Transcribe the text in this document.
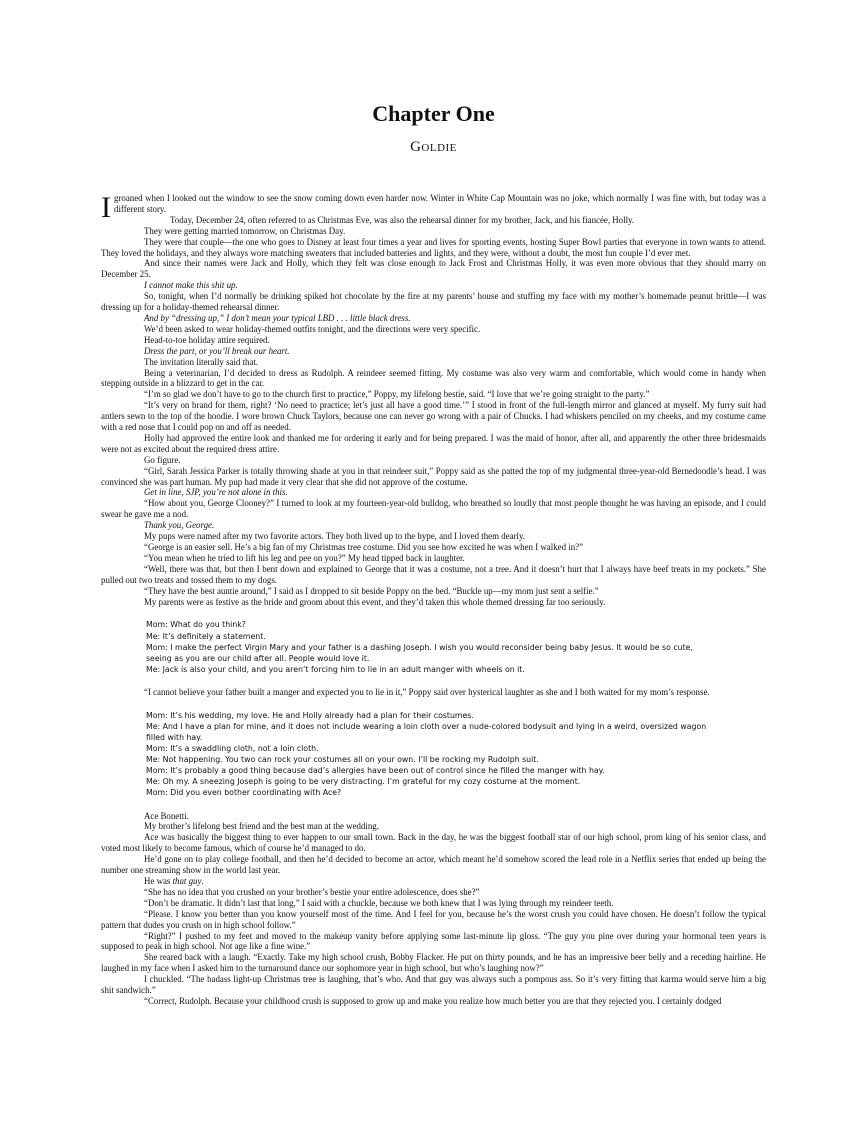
Chapter One
Goldie

I groaned when I looked out the window to see the snow coming down even harder now. Winter in White Cap Mountain was no joke, which normally I was fine with, but today was a different story.

Today, December 24, often referred to as Christmas Eve, was also the rehearsal dinner for my brother, Jack, and his fiancée, Holly.

They were getting married tomorrow, on Christmas Day.

They were that couple—the one who goes to Disney at least four times a year and lives for sporting events, hosting Super Bowl parties that everyone in town wants to attend. They loved the holidays, and they always wore matching sweaters that included batteries and lights, and they were, without a doubt, the most fun couple I’d ever met.

And since their names were Jack and Holly, which they felt was close enough to Jack Frost and Christmas Holly, it was even more obvious that they should marry on December 25.

I cannot make this shit up.

So, tonight, when I’d normally be drinking spiked hot chocolate by the fire at my parents’ house and stuffing my face with my mother’s homemade peanut brittle—I was dressing up for a holiday-themed rehearsal dinner.

And by “dressing up,” I don’t mean your typical LBD . . . little black dress.

We’d been asked to wear holiday-themed outfits tonight, and the directions were very specific.

Head-to-toe holiday attire required.

Dress the part, or you’ll break our heart.

The invitation literally said that.

Being a veterinarian, I’d decided to dress as Rudolph. A reindeer seemed fitting. My costume was also very warm and comfortable, which would come in handy when stepping outside in a blizzard to get in the car.

“I’m so glad we don’t have to go to the church first to practice,” Poppy, my lifelong bestie, said. “I love that we’re going straight to the party.”

“It’s very on brand for them, right? ‘No need to practice; let’s just all have a good time.’” I stood in front of the full-length mirror and glanced at myself. My furry suit had antlers sewn to the top of the hoodie. I wore brown Chuck Taylors, because one can never go wrong with a pair of Chucks. I had whiskers penciled on my cheeks, and my costume came with a red nose that I could pop on and off as needed.

Holly had approved the entire look and thanked me for ordering it early and for being prepared. I was the maid of honor, after all, and apparently the other three bridesmaids were not as excited about the required dress attire.

Go figure.

“Girl, Sarah Jessica Parker is totally throwing shade at you in that reindeer suit,” Poppy said as she patted the top of my judgmental three-year-old Bernedoodle’s head. I was convinced she was part human. My pup had made it very clear that she did not approve of the costume.

Get in line, SJP, you’re not alone in this.

“How about you, George Clooney?” I turned to look at my fourteen-year-old bulldog, who breathed so loudly that most people thought he was having an episode, and I could swear he gave me a nod.

Thank you, George.

My pups were named after my two favorite actors. They both lived up to the hype, and I loved them dearly.

“George is an easier sell. He’s a big fan of my Christmas tree costume. Did you see how excited he was when I walked in?”

“You mean when he tried to lift his leg and pee on you?” My head tipped back in laughter.

“Well, there was that, but then I bent down and explained to George that it was a costume, not a tree. And it doesn’t hurt that I always have beef treats in my pockets.” She pulled out two treats and tossed them to my dogs.

“They have the best auntie around,” I said as I dropped to sit beside Poppy on the bed. “Buckle up—my mom just sent a selfie.”

My parents were as festive as the bride and groom about this event, and they’d taken this whole themed dressing far too seriously.

Mom: What do you think?
Me: It’s definitely a statement.
Mom: I make the perfect Virgin Mary and your father is a dashing Joseph. I wish you would reconsider being baby Jesus. It would be so cute,
seeing as you are our child after all. People would love it.
Me: Jack is also your child, and you aren’t forcing him to lie in an adult manger with wheels on it.

“I cannot believe your father built a manger and expected you to lie in it,” Poppy said over hysterical laughter as she and I both waited for my mom’s response.

Mom: It’s his wedding, my love. He and Holly already had a plan for their costumes.
Me: And I have a plan for mine, and it does not include wearing a loin cloth over a nude-colored bodysuit and lying in a weird, oversized wagon
filled with hay.
Mom: It’s a swaddling cloth, not a loin cloth.
Me: Not happening. You two can rock your costumes all on your own. I’ll be rocking my Rudolph suit.
Mom: It’s probably a good thing because dad’s allergies have been out of control since he filled the manger with hay.
Me: Oh my. A sneezing Joseph is going to be very distracting. I’m grateful for my cozy costume at the moment.
Mom: Did you even bother coordinating with Ace?

Ace Bonetti.

My brother’s lifelong best friend and the best man at the wedding.

Ace was basically the biggest thing to ever happen to our small town. Back in the day, he was the biggest football star of our high school, prom king of his senior class, and voted most likely to become famous, which of course he’d managed to do.

He’d gone on to play college football, and then he’d decided to become an actor, which meant he’d somehow scored the lead role in a Netflix series that ended up being the number one streaming show in the world last year.

He was that guy.

“She has no idea that you crushed on your brother’s bestie your entire adolescence, does she?”

“Don’t be dramatic. It didn’t last that long,” I said with a chuckle, because we both knew that I was lying through my reindeer teeth.

“Please. I know you better than you know yourself most of the time. And I feel for you, because he’s the worst crush you could have chosen. He doesn’t follow the typical pattern that dudes you crush on in high school follow.”

“Right?” I pushed to my feet and moved to the makeup vanity before applying some last-minute lip gloss. “The guy you pine over during your hormonal teen years is supposed to peak in high school. Not age like a fine wine.”

She reared back with a laugh. “Exactly. Take my high school crush, Bobby Flacker. He put on thirty pounds, and he has an impressive beer belly and a receding hairline. He laughed in my face when I asked him to the turnaround dance our sophomore year in high school, but who’s laughing now?”

I chuckled. “The badass light-up Christmas tree is laughing, that’s who. And that guy was always such a pompous ass. So it’s very fitting that karma would serve him a big shit sandwich.”

“Correct, Rudolph. Because your childhood crush is supposed to grow up and make you realize how much better you are that they rejected you. I certainly dodged
